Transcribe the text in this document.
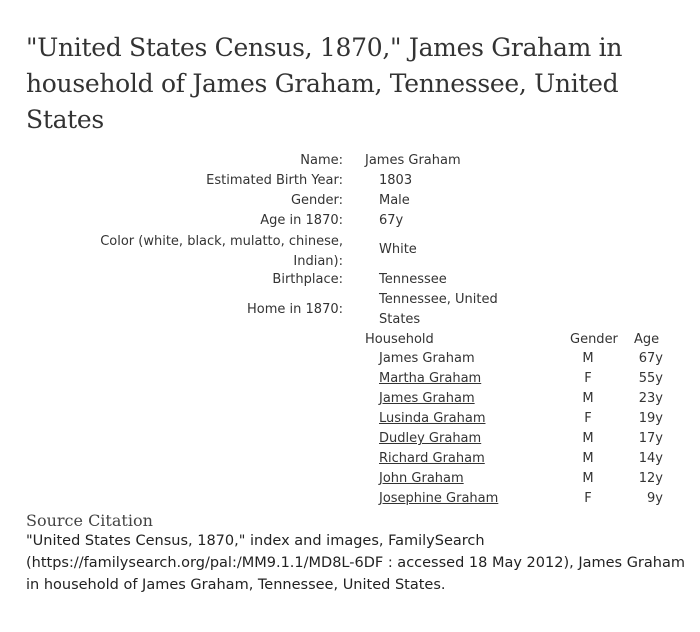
"United States Census, 1870," James Graham in household of James Graham, Tennessee, United States
Name: James Graham
Estimated Birth Year:	1803
Gender:	Male
Age in 1870:	67y
Color (white, black, mulatto, chinese, Indian):
White
Birthplace:	Tennessee
Home in 1870:
Tennessee, United States
Household	Gender Age
James Graham	M	67y
Martha Graham	F	55y
James Graham	M	23y
Lusinda Graham	F	19y
Dudley Graham	M	17y
Richard Graham	M	14y
John Graham	M	12y
Josephine Graham	F	9y
Source Citation
"United States Census, 1870," index and images, FamilySearch (https://familysearch.org/pal:/MM9.1.1/MD8L-6DF : accessed 18 May 2012), James Graham in household of James Graham, Tennessee, United States.
